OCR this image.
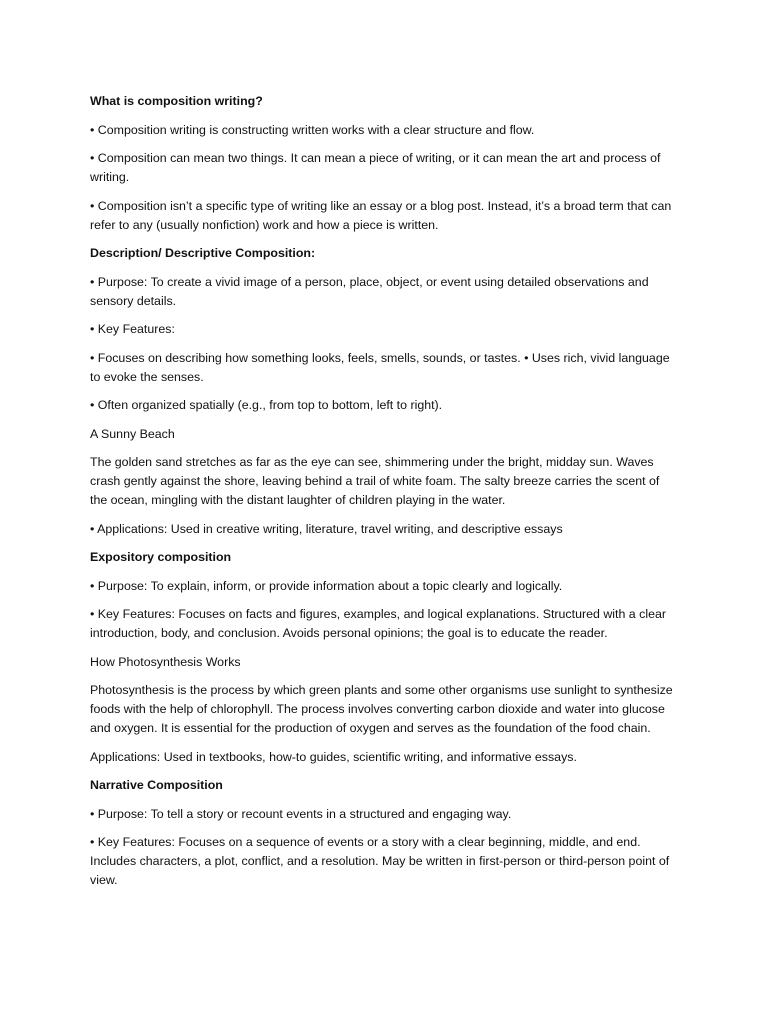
What is composition writing?

• Composition writing is constructing written works with a clear structure and flow.

• Composition can mean two things. It can mean a piece of writing, or it can mean the art and process of writing.

• Composition isn’t a specific type of writing like an essay or a blog post. Instead, it’s a broad term that can refer to any (usually nonfiction) work and how a piece is written.

Description/ Descriptive Composition:

• Purpose: To create a vivid image of a person, place, object, or event using detailed observations and sensory details.

• Key Features:

• Focuses on describing how something looks, feels, smells, sounds, or tastes. • Uses rich, vivid language to evoke the senses.

• Often organized spatially (e.g., from top to bottom, left to right).

A Sunny Beach

The golden sand stretches as far as the eye can see, shimmering under the bright, midday sun. Waves crash gently against the shore, leaving behind a trail of white foam. The salty breeze carries the scent of the ocean, mingling with the distant laughter of children playing in the water.

• Applications: Used in creative writing, literature, travel writing, and descriptive essays

Expository composition

• Purpose: To explain, inform, or provide information about a topic clearly and logically.

• Key Features: Focuses on facts and figures, examples, and logical explanations. Structured with a clear introduction, body, and conclusion. Avoids personal opinions; the goal is to educate the reader.

How Photosynthesis Works

Photosynthesis is the process by which green plants and some other organisms use sunlight to synthesize foods with the help of chlorophyll. The process involves converting carbon dioxide and water into glucose and oxygen. It is essential for the production of oxygen and serves as the foundation of the food chain.

Applications: Used in textbooks, how-to guides, scientific writing, and informative essays.

Narrative Composition

• Purpose: To tell a story or recount events in a structured and engaging way.

• Key Features: Focuses on a sequence of events or a story with a clear beginning, middle, and end. Includes characters, a plot, conflict, and a resolution. May be written in first-person or third-person point of view.
